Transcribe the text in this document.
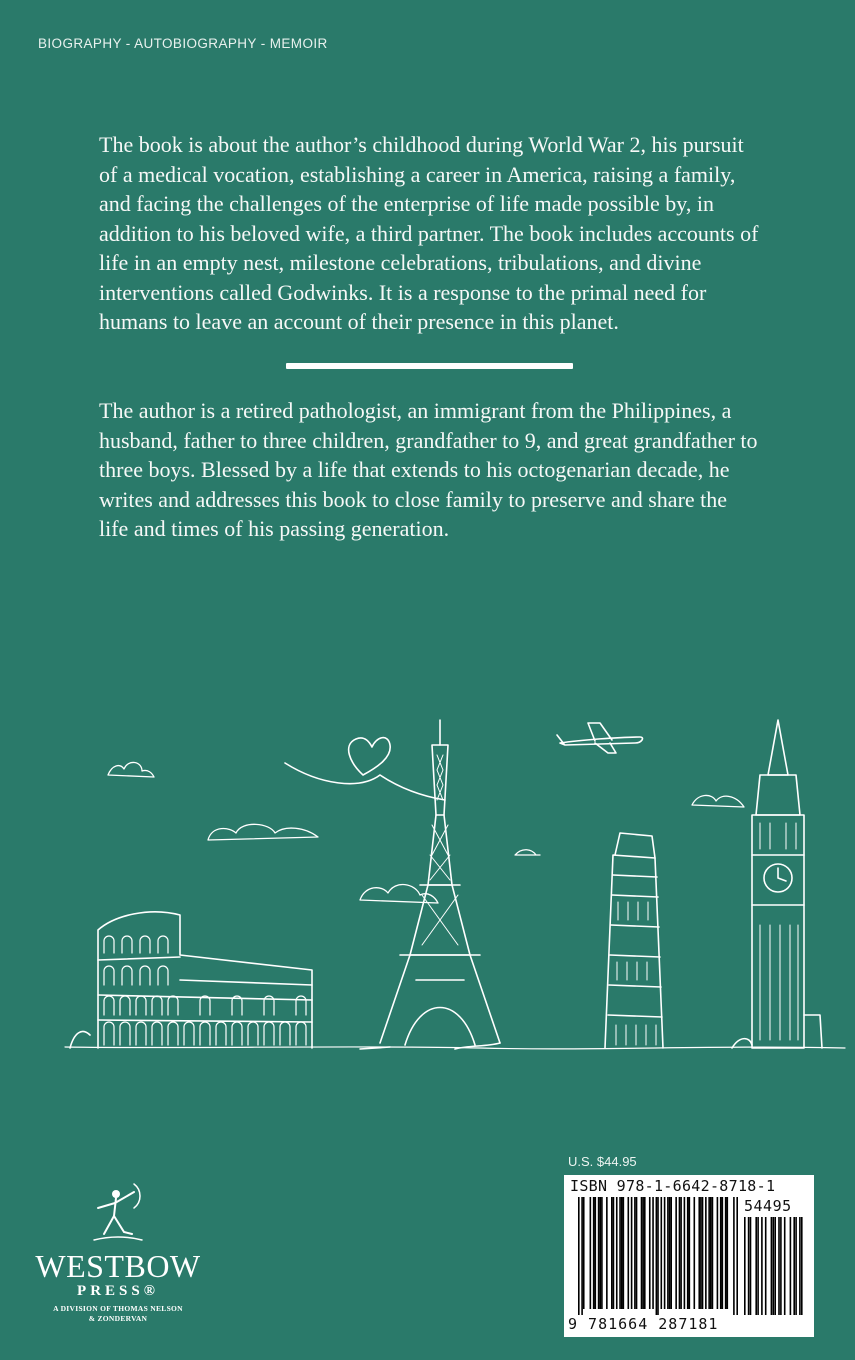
BIOGRAPHY - AUTOBIOGRAPHY - MEMOIR

The book is about the author’s childhood during World War 2, his pursuit of a medical vocation, establishing a career in America, raising a family, and facing the challenges of the enterprise of life made possible by, in addition to his beloved wife, a third partner. The book includes accounts of life in an empty nest, milestone celebrations, tribulations, and divine interventions called Godwinks. It is a response to the primal need for humans to leave an account of their presence in this planet.

The author is a retired pathologist, an immigrant from the Philippines, a husband, father to three children, grandfather to 9, and great grandfather to three boys. Blessed by a life that extends to his octogenarian decade, he writes and addresses this book to close family to preserve and share the life and times of his passing generation.

U.S. $44.95
ISBN 978-1-6642-8718-1
54495
9 781664 287181
WESTBOW
PRESS®
A DIVISION OF THOMAS NELSON
& ZONDERVAN
